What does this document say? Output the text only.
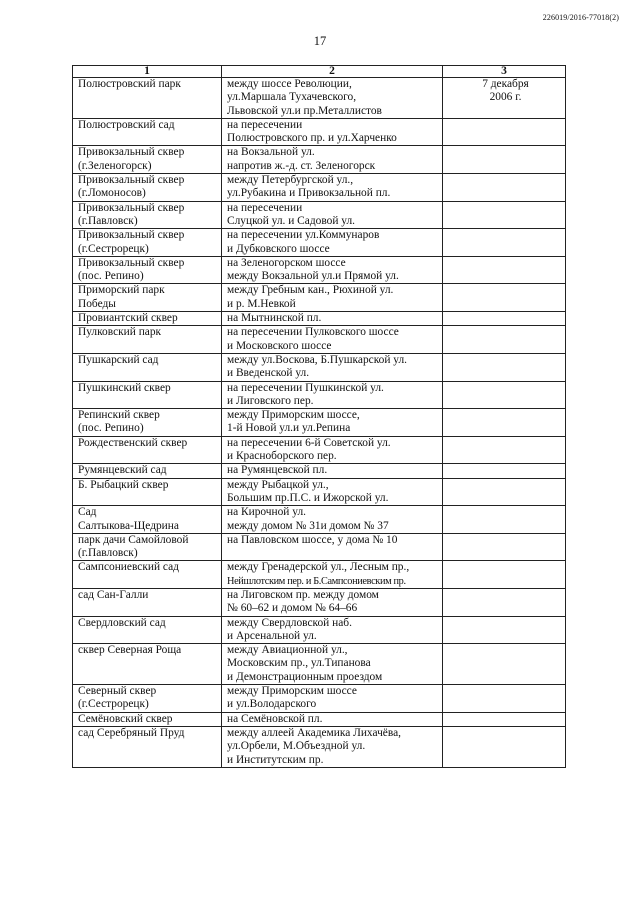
226019/2016-77018(2)
17
1	2	3

Полюстровский парк	между шоссе Революции,
ул.Маршала Тухачевского,
Львовской ул.и пр.Металлистов	7 декабря
2006 г.

Полюстровский сад	на пересечении
Полюстровского пр. и ул.Харченко	

Привокзальный сквер
(г.Зеленогорск)	на Вокзальной ул.
напротив ж.-д. ст. Зеленогорск	

Привокзальный сквер
(г.Ломоносов)	между Петербургской ул.,
ул.Рубакина и Привокзальной пл.	

Привокзальный сквер
(г.Павловск)	на пересечении
Слуцкой ул. и Садовой ул.	

Привокзальный сквер
(г.Сестрорецк)	на пересечении ул.Коммунаров
и Дубковского шоссе	

Привокзальный сквер
(пос. Репино)	на Зеленогорском шоссе
между Вокзальной ул.и Прямой ул.	

Приморский парк
Победы	между Гребным кан., Рюхиной ул.
и р. М.Невкой	

Провиантский сквер	на Мытнинской пл.	

Пулковский парк	на пересечении Пулковского шоссе
и Московского шоссе	

Пушкарский сад	между ул.Воскова, Б.Пушкарской ул.
и Введенской ул.	

Пушкинский сквер	на пересечении Пушкинской ул.
и Лиговского пер.	

Репинский сквер
(пос. Репино)	между Приморским шоссе,
1-й Новой ул.и ул.Репина	

Рождественский сквер	на пересечении 6-й Советской ул.
и Красноборского пер.	

Румянцевский сад	на Румянцевской пл.	

Б. Рыбацкий сквер	между Рыбацкой ул.,
Большим пр.П.С. и Ижорской ул.	

Сад
Салтыкова-Щедрина	на Кирочной ул.
между домом № 31и домом № 37	

парк дачи Самойловой
(г.Павловск)	на Павловском шоссе, у дома № 10	

Сампсониевский сад	между Гренадерской ул., Лесным пр.,
Нейшлотским пер. и Б.Сампсониевским пр.	

сад Сан-Галли	на Лиговском пр. между домом
№ 60–62 и домом № 64–66	

Свердловский сад	между Свердловской наб.
и Арсенальной ул.	

сквер Северная Роща	между Авиационной ул.,
Московским пр., ул.Типанова
и Демонстрационным проездом	

Северный сквер
(г.Сестрорецк)	между Приморским шоссе
и ул.Володарского	

Семёновский сквер	на Семёновской пл.	

сад Серебряный Пруд	между аллеей Академика Лихачёва,
ул.Орбели, М.Объездной ул.
и Институтским пр.	
